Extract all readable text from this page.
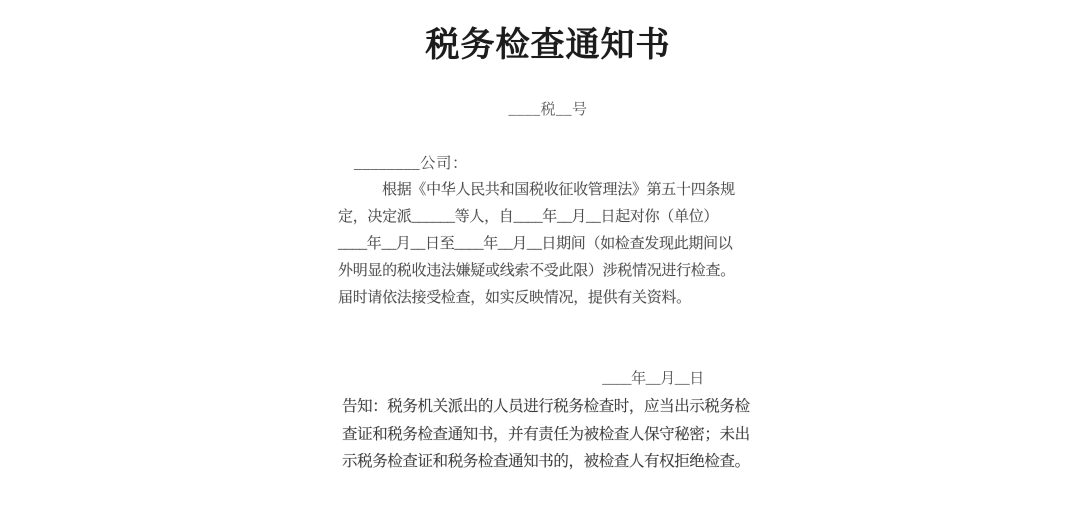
税务检查通知书
____税__号
________公司：
根据《中华人民共和国税收征收管理法》第五十四条规
定，决定派______等人，自____年__月__日起对你（单位）
____年__月__日至____年__月__日期间（如检查发现此期间以
外明显的税收违法嫌疑或线索不受此限）涉税情况进行检查。
届时请依法接受检查，如实反映情况，提供有关资料。
____年__月__日
告知：税务机关派出的人员进行税务检查时，应当出示税务检
查证和税务检查通知书，并有责任为被检查人保守秘密；未出
示税务检查证和税务检查通知书的，被检查人有权拒绝检查。
